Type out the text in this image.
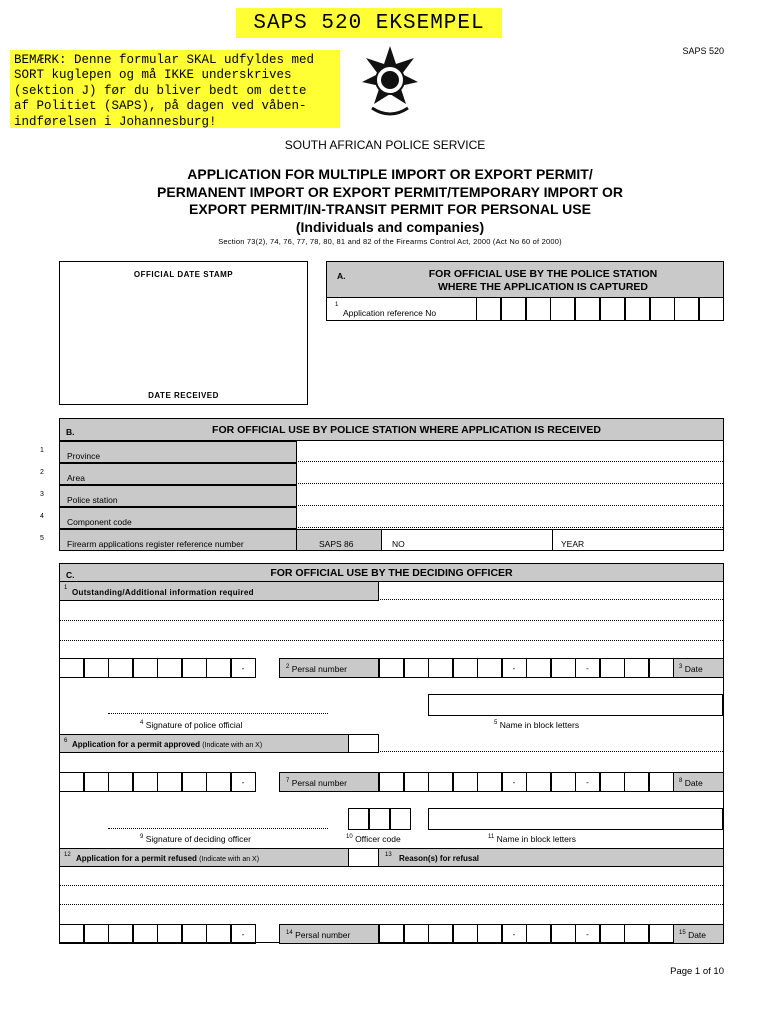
SAPS 520 EKSEMPEL
BEMÆRK: Denne formular SKAL udfyldes med
SORT kuglepen og må IKKE underskrives
(sektion J) før du bliver bedt om dette
af Politiet (SAPS), på dagen ved våben-
indførelsen i Johannesburg!
SAPS 520
SOUTH AFRICAN POLICE SERVICE
APPLICATION FOR MULTIPLE IMPORT OR EXPORT PERMIT/
PERMANENT IMPORT OR EXPORT PERMIT/TEMPORARY IMPORT OR
EXPORT PERMIT/IN-TRANSIT PERMIT FOR PERSONAL USE
(Individuals and companies)
Section 73(2), 74, 76, 77, 78, 80, 81 and 82 of the Firearms Control Act, 2000 (Act No 60 of 2000)
OFFICIAL DATE STAMP
DATE RECEIVED
A.	FOR OFFICIAL USE BY THE POLICE STATION
WHERE THE APPLICATION IS CAPTURED
1
Application reference No
B.	FOR OFFICIAL USE BY POLICE STATION WHERE APPLICATION IS RECEIVED
1
Province
2
Area
3
Police station
4
Component code
5
Firearm applications register reference number	SAPS 86	NO	YEAR
C.	FOR OFFICIAL USE BY THE DECIDING OFFICER
1 Outstanding/Additional information required
-	$^2$ Persal number	-	-	$^3$ Date
$^4$ Signature of police official	$^5$ Name in block letters
6 Application for a permit approved (Indicate with an X)
-	$^7$ Persal number	-	-	$^8$ Date
$^9$ Signature of deciding officer	$^{10}$ Officer code	$^{11}$ Name in block letters
12 Application for a permit refused (Indicate with an X)
13 Reason(s) for refusal
-	$^{14}$ Persal number	-	-	$^{15}$ Date
Page 1 of 10
